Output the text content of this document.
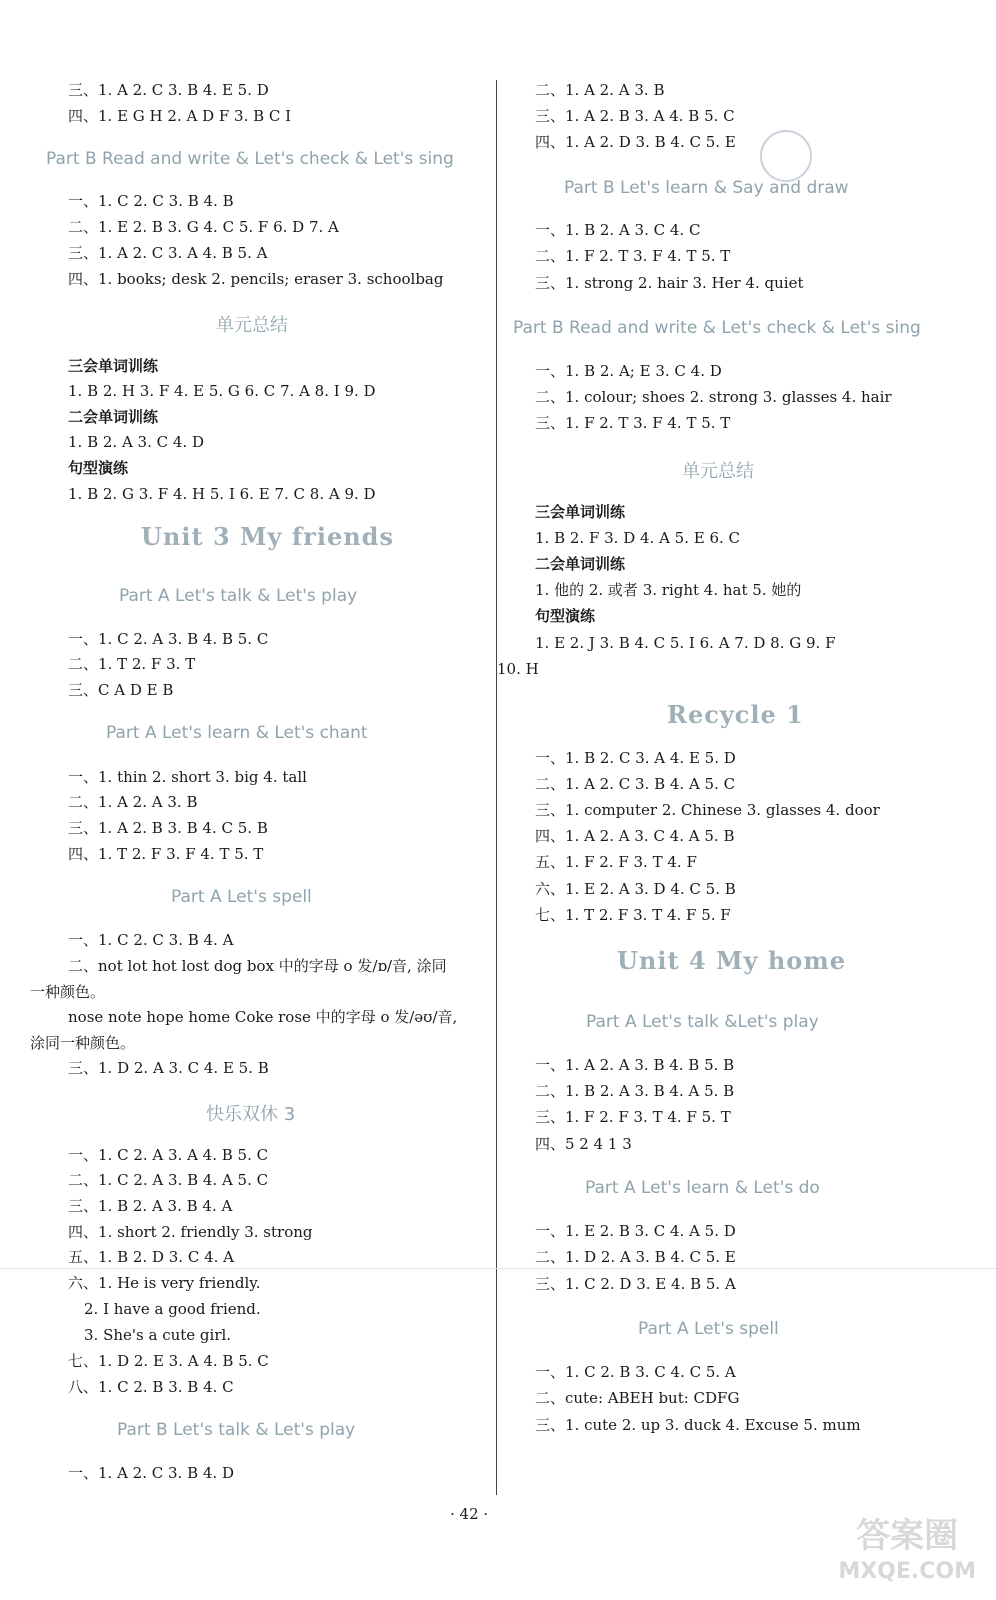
三、1. A 2. C 3. B 4. E 5. D
四、1. E G H 2. A D F 3. B C I
Part B Read and write & Let's check & Let's sing
一、1. C 2. C 3. B 4. B
二、1. E 2. B 3. G 4. C 5. F 6. D 7. A
三、1. A 2. C 3. A 4. B 5. A
四、1. books; desk 2. pencils; eraser 3. schoolbag
单元总结
三会单词训练
1. B 2. H 3. F 4. E 5. G 6. C 7. A 8. I 9. D
二会单词训练
1. B 2. A 3. C 4. D
句型演练
1. B 2. G 3. F 4. H 5. I 6. E 7. C 8. A 9. D
Unit 3 My friends
Part A Let's talk & Let's play
一、1. C 2. A 3. B 4. B 5. C
二、1. T 2. F 3. T
三、C A D E B
Part A Let's learn & Let's chant
一、1. thin 2. short 3. big 4. tall
二、1. A 2. A 3. B
三、1. A 2. B 3. B 4. C 5. B
四、1. T 2. F 3. F 4. T 5. T
Part A Let's spell
一、1. C 2. C 3. B 4. A
二、not lot hot lost dog box 中的字母 o 发/ɒ/音, 涂同
一种颜色。
nose note hope home Coke rose 中的字母 o 发/əʊ/音,
涂同一种颜色。
三、1. D 2. A 3. C 4. E 5. B
快乐双休 3
一、1. C 2. A 3. A 4. B 5. C
二、1. C 2. A 3. B 4. A 5. C
三、1. B 2. A 3. B 4. A
四、1. short 2. friendly 3. strong
五、1. B 2. D 3. C 4. A
六、1. He is very friendly.
2. I have a good friend.
3. She's a cute girl.
七、1. D 2. E 3. A 4. B 5. C
八、1. C 2. B 3. B 4. C
Part B Let's talk & Let's play
一、1. A 2. C 3. B 4. D
二、1. A 2. A 3. B
三、1. A 2. B 3. A 4. B 5. C
四、1. A 2. D 3. B 4. C 5. E
Part B Let's learn & Say and draw
一、1. B 2. A 3. C 4. C
二、1. F 2. T 3. F 4. T 5. T
三、1. strong 2. hair 3. Her 4. quiet
Part B Read and write & Let's check & Let's sing
一、1. B 2. A; E 3. C 4. D
二、1. colour; shoes 2. strong 3. glasses 4. hair
三、1. F 2. T 3. F 4. T 5. T
单元总结
三会单词训练
1. B 2. F 3. D 4. A 5. E 6. C
二会单词训练
1. 他的 2. 或者 3. right 4. hat 5. 她的
句型演练
1. E 2. J 3. B 4. C 5. I 6. A 7. D 8. G 9. F
10. H
Recycle 1
一、1. B 2. C 3. A 4. E 5. D
二、1. A 2. C 3. B 4. A 5. C
三、1. computer 2. Chinese 3. glasses 4. door
四、1. A 2. A 3. C 4. A 5. B
五、1. F 2. F 3. T 4. F
六、1. E 2. A 3. D 4. C 5. B
七、1. T 2. F 3. T 4. F 5. F
Unit 4 My home
Part A Let's talk &Let's play
一、1. A 2. A 3. B 4. B 5. B
二、1. B 2. A 3. B 4. A 5. B
三、1. F 2. F 3. T 4. F 5. T
四、5 2 4 1 3
Part A Let's learn & Let's do
一、1. E 2. B 3. C 4. A 5. D
二、1. D 2. A 3. B 4. C 5. E
三、1. C 2. D 3. E 4. B 5. A
Part A Let's spell
一、1. C 2. B 3. C 4. C 5. A
二、cute: ABEH but: CDFG
三、1. cute 2. up 3. duck 4. Excuse 5. mum
· 42 ·
答案圈
MXQE.COM
